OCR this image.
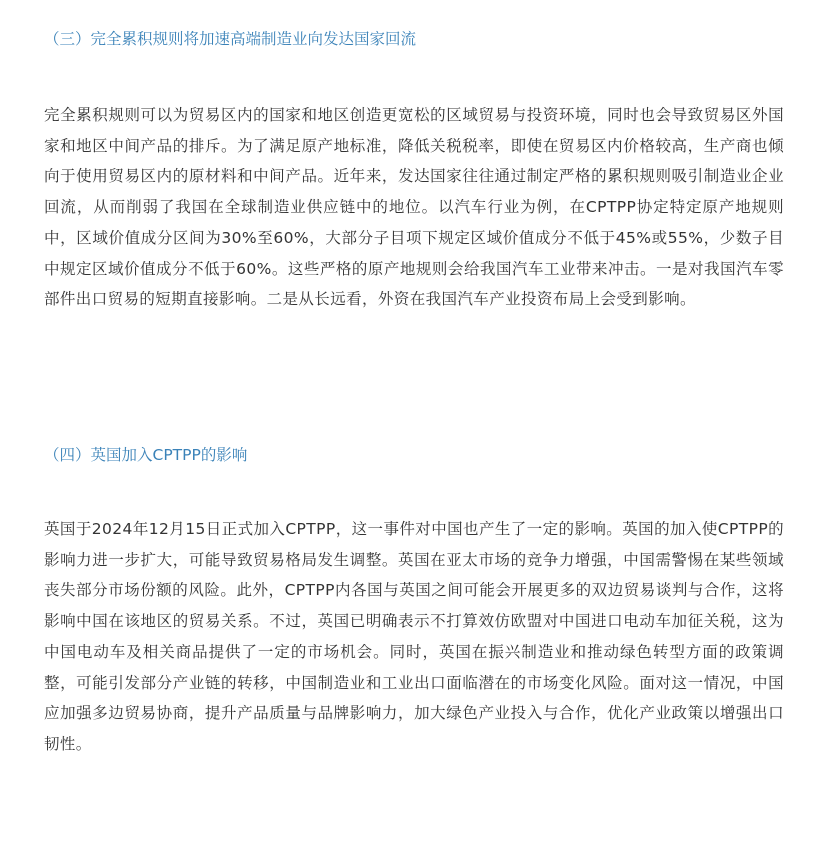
（三）完全累积规则将加速高端制造业向发达国家回流

完全累积规则可以为贸易区内的国家和地区创造更宽松的区域贸易与投资环境，同时也会导致贸易区外国家和地区中间产品的排斥。为了满足原产地标准，降低关税税率，即使在贸易区内价格较高，生产商也倾向于使用贸易区内的原材料和中间产品。近年来，发达国家往往通过制定严格的累积规则吸引制造业企业回流，从而削弱了我国在全球制造业供应链中的地位。以汽车行业为例，在CPTPP协定特定原产地规则中，区域价值成分区间为30%至60%，大部分子目项下规定区域价值成分不低于45%或55%，少数子目中规定区域价值成分不低于60%。这些严格的原产地规则会给我国汽车工业带来冲击。一是对我国汽车零部件出口贸易的短期直接影响。二是从长远看，外资在我国汽车产业投资布局上会受到影响。

（四）英国加入CPTPP的影响

英国于2024年12月15日正式加入CPTPP，这一事件对中国也产生了一定的影响。英国的加入使CPTPP的影响力进一步扩大，可能导致贸易格局发生调整。英国在亚太市场的竞争力增强，中国需警惕在某些领域丧失部分市场份额的风险。此外，CPTPP内各国与英国之间可能会开展更多的双边贸易谈判与合作，这将影响中国在该地区的贸易关系。不过，英国已明确表示不打算效仿欧盟对中国进口电动车加征关税，这为中国电动车及相关商品提供了一定的市场机会。同时，英国在振兴制造业和推动绿色转型方面的政策调整，可能引发部分产业链的转移，中国制造业和工业出口面临潜在的市场变化风险。面对这一情况，中国应加强多边贸易协商，提升产品质量与品牌影响力，加大绿色产业投入与合作，优化产业政策以增强出口韧性。
